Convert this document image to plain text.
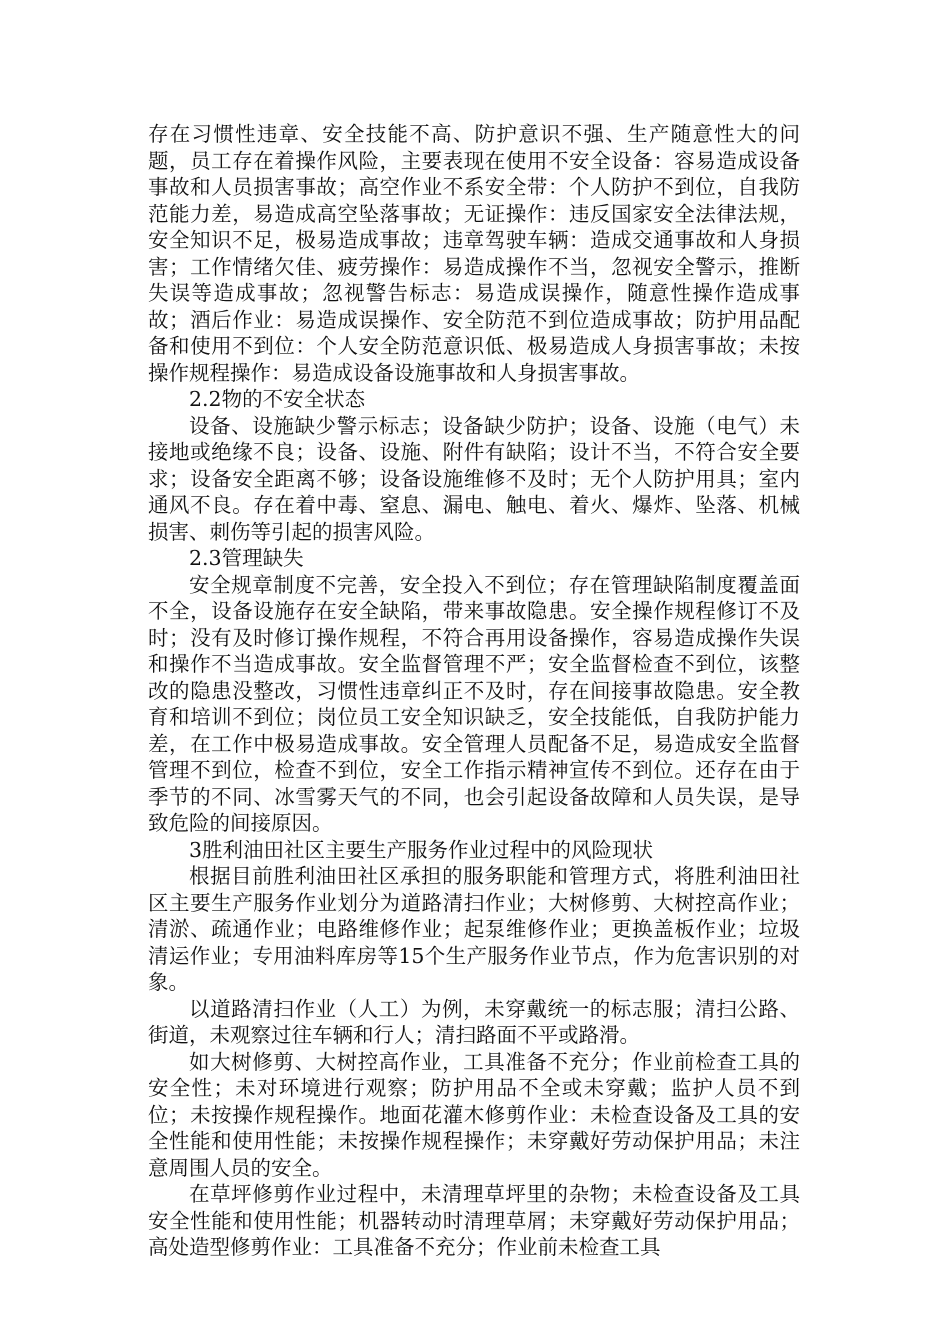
存在习惯性违章、安全技能不高、防护意识不强、生产随意性大的问题，员工存在着操作风险，主要表现在使用不安全设备：容易造成设备事故和人员损害事故；高空作业不系安全带：个人防护不到位，自我防范能力差，易造成高空坠落事故；无证操作：违反国家安全法律法规，安全知识不足，极易造成事故；违章驾驶车辆：造成交通事故和人身损害；工作情绪欠佳、疲劳操作：易造成操作不当，忽视安全警示，推断失误等造成事故；忽视警告标志：易造成误操作，随意性操作造成事故；酒后作业：易造成误操作、安全防范不到位造成事故；防护用品配备和使用不到位：个人安全防范意识低、极易造成人身损害事故；未按操作规程操作：易造成设备设施事故和人身损害事故。

2.2物的不安全状态

设备、设施缺少警示标志；设备缺少防护；设备、设施（电气）未接地或绝缘不良；设备、设施、附件有缺陷；设计不当，不符合安全要求；设备安全距离不够；设备设施维修不及时；无个人防护用具；室内通风不良。存在着中毒、窒息、漏电、触电、着火、爆炸、坠落、机械损害、刺伤等引起的损害风险。

2.3管理缺失

安全规章制度不完善，安全投入不到位；存在管理缺陷制度覆盖面不全，设备设施存在安全缺陷，带来事故隐患。安全操作规程修订不及时；没有及时修订操作规程，不符合再用设备操作，容易造成操作失误和操作不当造成事故。安全监督管理不严；安全监督检查不到位，该整改的隐患没整改，习惯性违章纠正不及时，存在间接事故隐患。安全教育和培训不到位；岗位员工安全知识缺乏，安全技能低，自我防护能力差，在工作中极易造成事故。安全管理人员配备不足，易造成安全监督管理不到位，检查不到位，安全工作指示精神宣传不到位。还存在由于季节的不同、冰雪雾天气的不同，也会引起设备故障和人员失误，是导致危险的间接原因。

3胜利油田社区主要生产服务作业过程中的风险现状

根据目前胜利油田社区承担的服务职能和管理方式，将胜利油田社区主要生产服务作业划分为道路清扫作业；大树修剪、大树控高作业；清淤、疏通作业；电路维修作业；起泵维修作业；更换盖板作业；垃圾清运作业；专用油料库房等15个生产服务作业节点，作为危害识别的对象。

以道路清扫作业（人工）为例，未穿戴统一的标志服；清扫公路、街道，未观察过往车辆和行人；清扫路面不平或路滑。

如大树修剪、大树控高作业，工具准备不充分；作业前检查工具的安全性；未对环境进行观察；防护用品不全或未穿戴；监护人员不到位；未按操作规程操作。地面花灌木修剪作业：未检查设备及工具的安全性能和使用性能；未按操作规程操作；未穿戴好劳动保护用品；未注意周围人员的安全。

在草坪修剪作业过程中，未清理草坪里的杂物；未检查设备及工具安全性能和使用性能；机器转动时清理草屑；未穿戴好劳动保护用品；高处造型修剪作业：工具准备不充分；作业前未检查工具
